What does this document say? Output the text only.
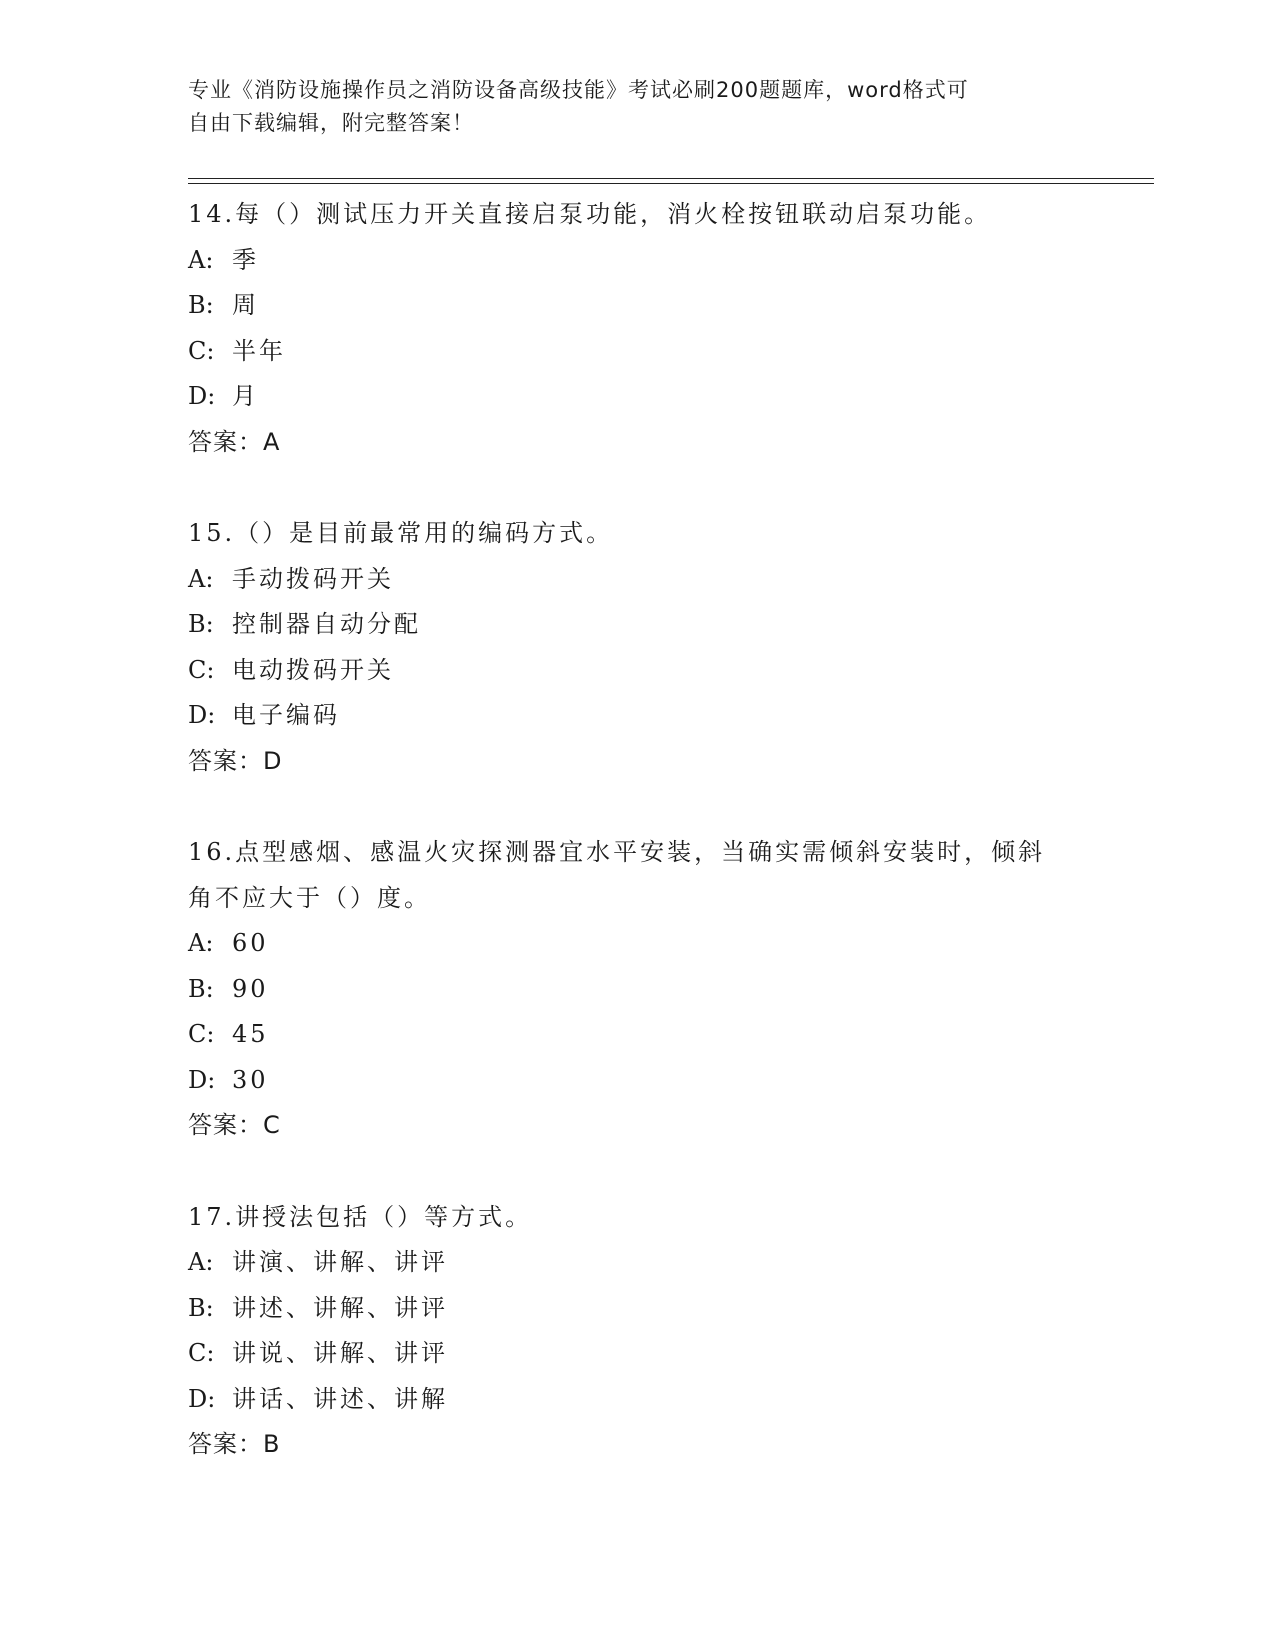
专业《消防设施操作员之消防设备高级技能》考试必刷200题题库，word格式可
自由下载编辑，附完整答案！
14.每（）测试压力开关直接启泵功能，消火栓按钮联动启泵功能。
A: 季
B: 周
C: 半年
D: 月
答案：A
15.（）是目前最常用的编码方式。
A: 手动拨码开关
B: 控制器自动分配
C: 电动拨码开关
D: 电子编码
答案：D
16.点型感烟、感温火灾探测器宜水平安装，当确实需倾斜安装时，倾斜角不应大于（）度。
A: 60
B: 90
C: 45
D: 30
答案：C
17.讲授法包括（）等方式。
A: 讲演、讲解、讲评
B: 讲述、讲解、讲评
C: 讲说、讲解、讲评
D: 讲话、讲述、讲解
答案：B
